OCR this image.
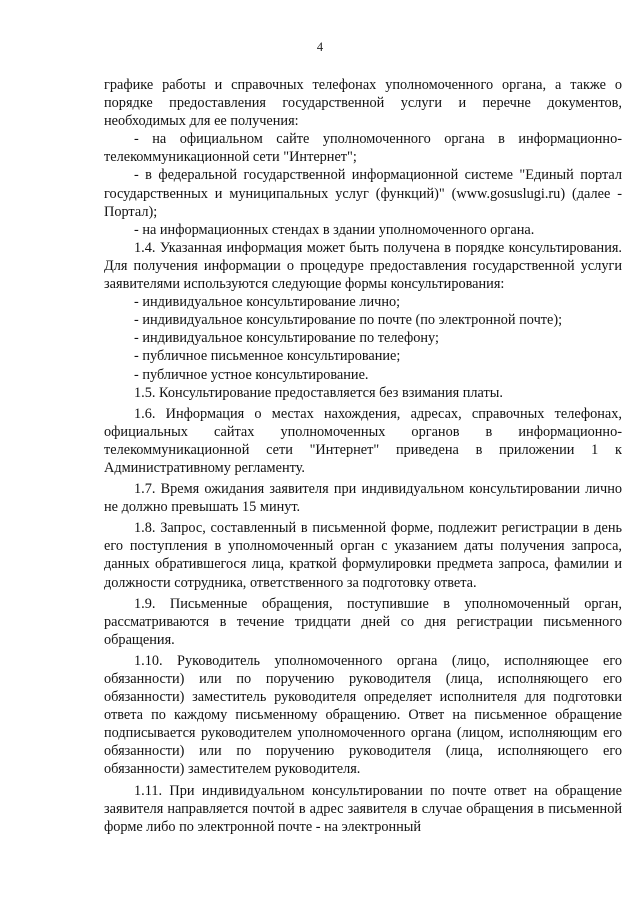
4

графике работы и справочных телефонах уполномоченного органа, а также о порядке предоставления государственной услуги и перечне документов, необходимых для ее получения:

- на официальном сайте уполномоченного органа в информационно-телекоммуникационной сети "Интернет";

- в федеральной государственной информационной системе "Единый портал государственных и муниципальных услуг (функций)" (www.gosuslugi.ru) (далее - Портал);

- на информационных стендах в здании уполномоченного органа.

1.4. Указанная информация может быть получена в порядке консультирования. Для получения информации о процедуре предоставления государственной услуги заявителями используются следующие формы консультирования:

- индивидуальное консультирование лично;

- индивидуальное консультирование по почте (по электронной почте);

- индивидуальное консультирование по телефону;

- публичное письменное консультирование;

- публичное устное консультирование.

1.5. Консультирование предоставляется без взимания платы.

1.6. Информация о местах нахождения, адресах, справочных телефонах, официальных сайтах уполномоченных органов в информационно-телекоммуникационной сети "Интернет" приведена в приложении 1 к Административному регламенту.

1.7. Время ожидания заявителя при индивидуальном консультировании лично не должно превышать 15 минут.

1.8. Запрос, составленный в письменной форме, подлежит регистрации в день его поступления в уполномоченный орган с указанием даты получения запроса, данных обратившегося лица, краткой формулировки предмета запроса, фамилии и должности сотрудника, ответственного за подготовку ответа.

1.9. Письменные обращения, поступившие в уполномоченный орган, рассматриваются в течение тридцати дней со дня регистрации письменного обращения.

1.10. Руководитель уполномоченного органа (лицо, исполняющее его обязанности) или по поручению руководителя (лица, исполняющего его обязанности) заместитель руководителя определяет исполнителя для подготовки ответа по каждому письменному обращению. Ответ на письменное обращение подписывается руководителем уполномоченного органа (лицом, исполняющим его обязанности) или по поручению руководителя (лица, исполняющего его обязанности) заместителем руководителя.

1.11. При индивидуальном консультировании по почте ответ на обращение заявителя направляется почтой в адрес заявителя в случае обращения в письменной форме либо по электронной почте - на электронный
